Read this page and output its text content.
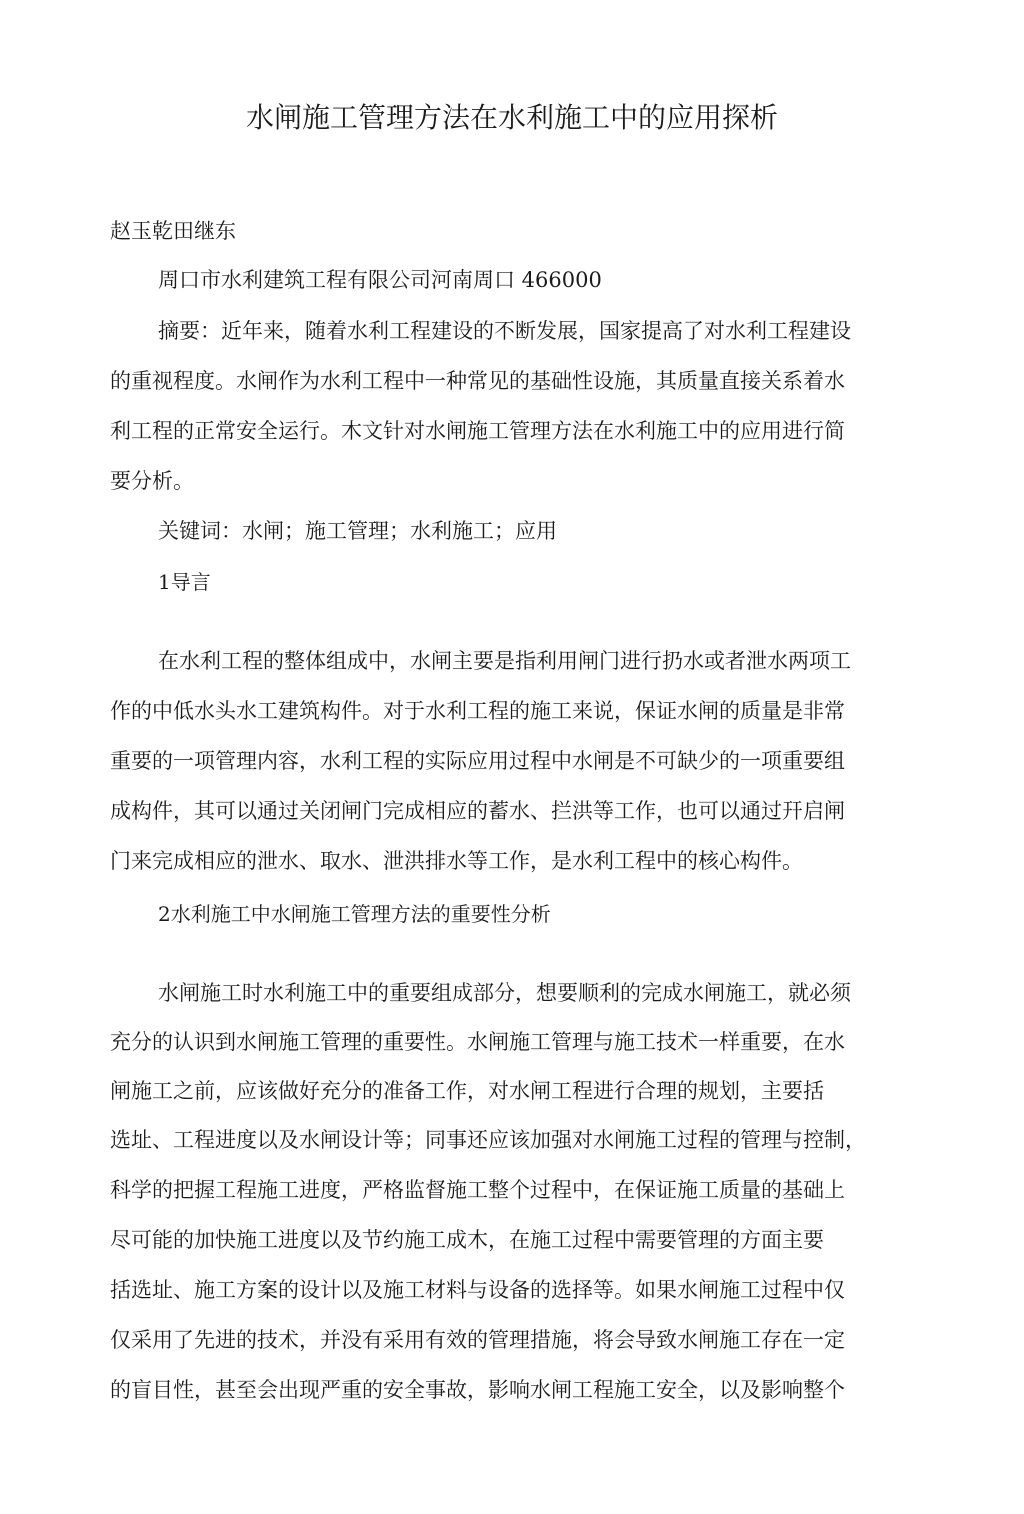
水闸施工管理方法在水利施工中的应用探析
赵玉乾田继东
周口市水利建筑工程有限公司河南周口 466000
摘要：近年来，随着水利工程建设的不断发展，国家提高了对水利工程建设
的重视程度。水闸作为水利工程中一种常见的基础性设施，其质量直接关系着水
利工程的正常安全运行。木文针对水闸施工管理方法在水利施工中的应用进行简
要分析。
关键词：水闸；施工管理；水利施工；应用
1导言
在水利工程的整体组成中，水闸主要是指利用闸门进行扔水或者泄水两项工
作的中低水头水工建筑构件。对于水利工程的施工来说，保证水闸的质量是非常
重要的一项管理内容，水利工程的实际应用过程中水闸是不可缺少的一项重要组
成构件，其可以通过关闭闸门完成相应的蓄水、拦洪等工作，也可以通过幵启闸
门来完成相应的泄水、取水、泄洪排水等工作，是水利工程中的核心构件。
2水利施工中水闸施工管理方法的重要性分析
水闸施工时水利施工中的重要组成部分，想要顺利的完成水闸施工，就必须
充分的认识到水闸施工管理的重要性。水闸施工管理与施工技术一样重要，在水
闸施工之前，应该做好充分的准备工作，对水闸工程进行合理的规划，主要括
选址、工程进度以及水闸设计等；同事还应该加强对水闸施工过程的管理与控制，
科学的把握工程施工进度，严格监督施工整个过程中，在保证施工质量的基础上
尽可能的加快施工进度以及节约施工成木，在施工过程中需要管理的方面主要
括选址、施工方案的设计以及施工材料与设备的选择等。如果水闸施工过程中仅
仅采用了先进的技术，并没有采用有效的管理措施，将会导致水闸施工存在一定
的盲目性，甚至会出现严重的安全事故，影响水闸工程施工安全，以及影响整个
